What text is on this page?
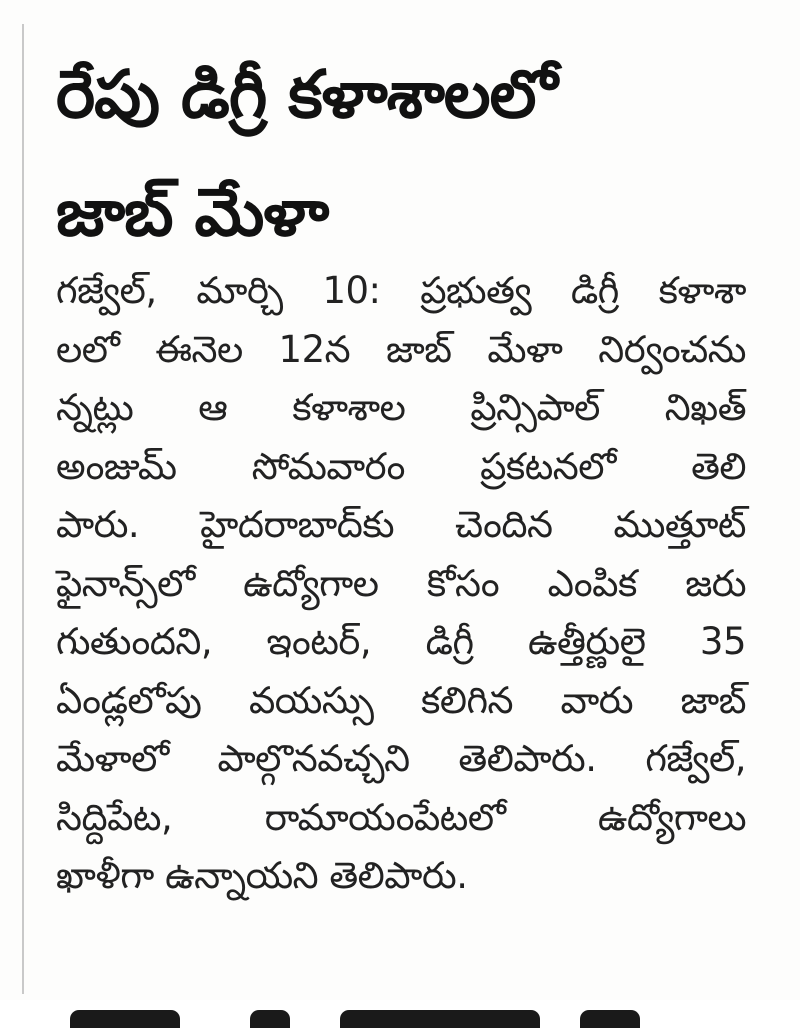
రేపు డిగ్రీ కళాశాలలో
జాబ్ మేళా
గజ్వేల్, మార్చి 10: ప్రభుత్వ డిగ్రీ కళాశా
లలో ఈనెల 12న జాబ్ మేళా నిర్వంచను
న్నట్లు ఆ కళాశాల ప్రిన్సిపాల్ నిఖత్
అంజుమ్ సోమవారం ప్రకటనలో తెలి
పారు. హైదరాబాద్‌కు చెందిన ముత్తూట్
ఫైనాన్స్‌లో ఉద్యోగాల కోసం ఎంపిక జరు
గుతుందని, ఇంటర్, డిగ్రీ ఉత్తీర్ణులై 35
ఏండ్లలోపు వయస్సు కలిగిన వారు జాబ్
మేళాలో పాల్గొనవచ్చని తెలిపారు. గజ్వేల్,
సిద్దిపేట, రామాయంపేటలో ఉద్యోగాలు
ఖాళీగా ఉన్నాయని తెలిపారు.
